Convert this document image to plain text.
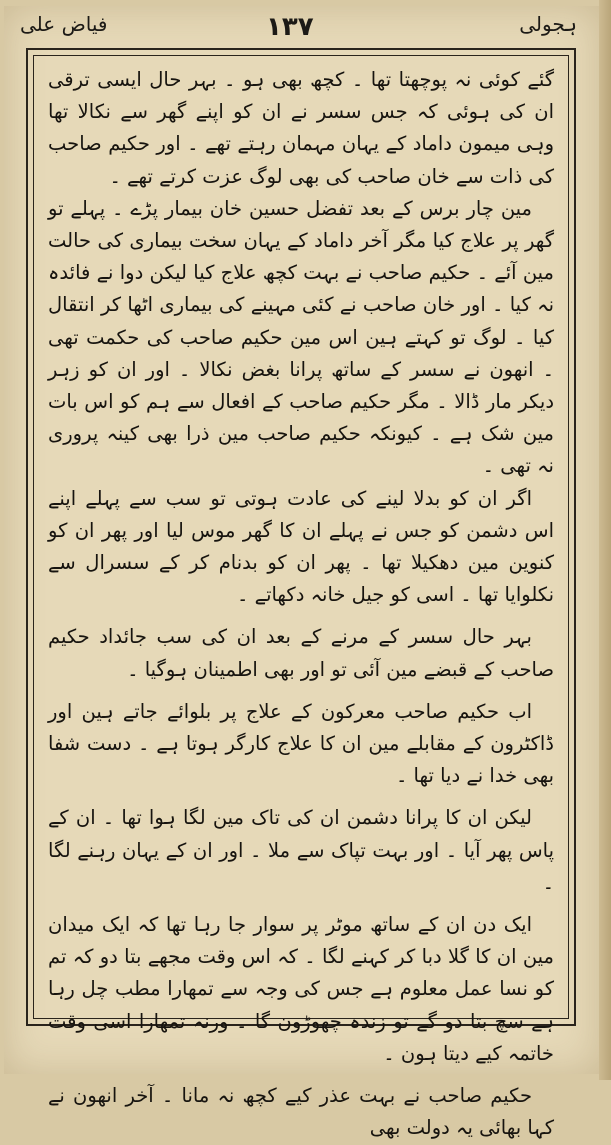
فیاض علی	۱۳۷	ہجولی

گئے کوئی نہ پوچھتا تھا ۔ کچھ بھی ہو ۔ بہر حال ایسی ترقی ان کی ہوئی کہ جس سسر نے ان کو اپنے گھر سے نکالا تھا وہی میمون داماد کے یہان مہمان رہتے تھے ۔ اور حکیم صاحب کی ذات سے خان صاحب کی بھی لوگ عزت کرتے تھے ۔

مین چار برس کے بعد تفضل حسین خان بیمار پڑے ۔ پہلے تو گھر پر علاج کیا مگر آخر داماد کے یہان سخت بیماری کی حالت مین آئے ۔ حکیم صاحب نے بہت کچھ علاج کیا لیکن دوا نے فائدہ نہ کیا ۔ اور خان صاحب نے کئی مہینے کی بیماری اٹھا کر انتقال کیا ۔ لوگ تو کہتے ہین اس مین حکیم صاحب کی حکمت تھی ۔ انھون نے سسر کے ساتھ پرانا بغض نکالا ۔ اور ان کو زہر دیکر مار ڈالا ۔ مگر حکیم صاحب کے افعال سے ہم کو اس بات مین شک ہے ۔ کیونکہ حکیم صاحب مین ذرا بھی کینہ پروری نہ تھی ۔

اگر ان کو بدلا لینے کی عادت ہوتی تو سب سے پہلے اپنے اس دشمن کو جس نے پہلے ان کا گھر موس لیا اور پھر ان کو کنوین مین دھکیلا تھا ۔ پھر ان کو بدنام کر کے سسرال سے نکلوایا تھا ۔ اسی کو جیل خانہ دکھاتے ۔

بہر حال سسر کے مرنے کے بعد ان کی سب جائداد حکیم صاحب کے قبضے مین آئی تو اور بھی اطمینان ہوگیا ۔

اب حکیم صاحب معرکون کے علاج پر بلوائے جاتے ہین اور ڈاکٹرون کے مقابلے مین ان کا علاج کارگر ہوتا ہے ۔ دست شفا بھی خدا نے دیا تھا ۔

لیکن ان کا پرانا دشمن ان کی تاک مین لگا ہوا تھا ۔ ان کے پاس پھر آیا ۔ اور بہت تپاک سے ملا ۔ اور ان کے یہان رہنے لگا ۔

ایک دن ان کے ساتھ موٹر پر سوار جا رہا تھا کہ ایک میدان مین ان کا گلا دبا کر کہنے لگا ۔ کہ اس وقت مجھے بتا دو کہ تم کو نسا عمل معلوم ہے جس کی وجہ سے تمھارا مطب چل رہا ہے سچ بتا دو گے تو زندہ چھوڑون گا ۔ ورنہ تمھارا اسی وقت خاتمہ کیے دیتا ہون ۔

حکیم صاحب نے بہت عذر کیے کچھ نہ مانا ۔ آخر انھون نے کہا بھائی یہ دولت بھی
